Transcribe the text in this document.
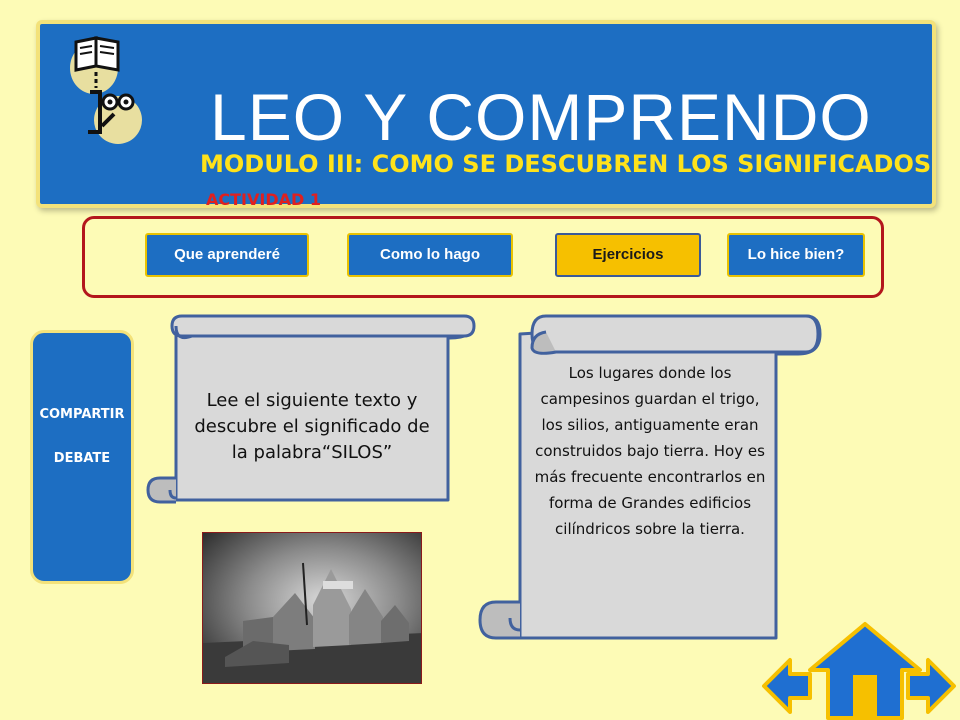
LEO Y COMPRENDO
MODULO III: COMO SE DESCUBREN LOS SIGNIFICADOS
ACTIVIDAD 1
Que aprenderé	Como lo hago	Ejercicios	Lo hice bien?
COMPARTIR
DEBATE
Lee el siguiente texto y descubre el significado de la palabra“SILOS”
Los lugares donde los campesinos guardan el trigo, los silios, antiguamente eran construidos bajo tierra. Hoy es más frecuente encontrarlos en forma de Grandes edificios cilíndricos sobre la tierra.
